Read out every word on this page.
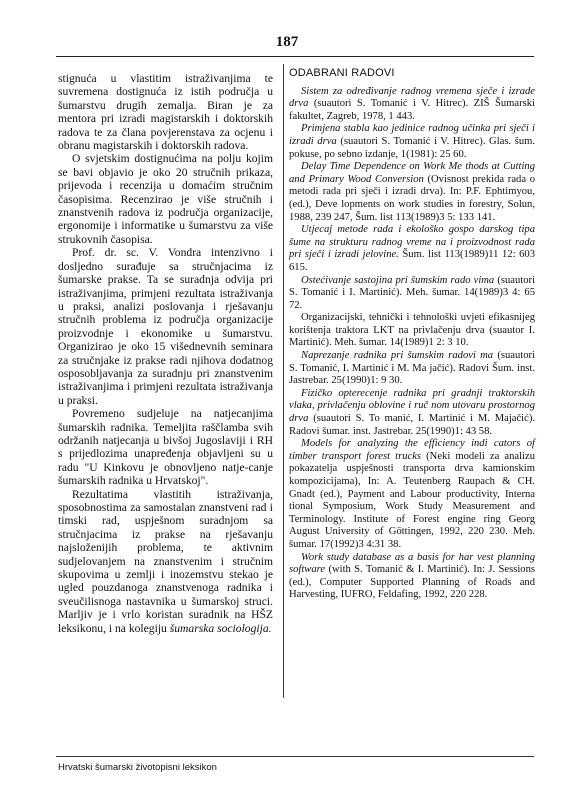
187

stignuća u vlastitim istraživanjima te suvremena dostignuća iz istih područja u šumarstvu drugih zemalja. Biran je za mentora pri izradi magistarskih i doktorskih radova te za člana povjerenstava za ocjenu i obranu magistarskih i doktorskih radova.

O svjetskim dostignućima na polju kojim se bavi objavio je oko 20 stručnih prikaza, prijevoda i recenzija u domaćim stručnim časopisima. Recenzirao je više stručnih i znanstvenih radova iz područja organizacije, ergonomije i informatike u šumarstvu za više strukovnih časopisa.

Prof. dr. sc. V. Vondra intenzivno i dosljedno surađuje sa stručnjacima iz šumarske prakse. Ta se suradnja odvija pri istraživanjima, primjeni rezultata istraživanja u praksi, analizi poslovanja i rješavanju stručnih problema iz područja organizacije proizvodnje i ekonomike u šumarstvu. Organizirao je oko 15 višednevnih seminara za stručnjake iz prakse radi njihova dodatnog osposobljavanja za suradnju pri znanstvenim istraživanjima i primjeni rezultata istraživanja u praksi.

Povremeno sudjeluje na natjecanjima šumarskih radnika. Temeljita raščlamba svih održanih natjecanja u bivšoj Jugoslaviji i RH s prijedlozima unapređenja objavljeni su u radu "U Kinkovu je obnovljeno natje-canje šumarskih radnika u Hrvatskoj".

Rezultatima vlastitih istraživanja, sposobnostima za samostalan znanstveni rad i timski rad, uspješnom suradnjom sa stručnjacima iz prakse na rješavanju najsloženijih problema, te aktivnim sudjelovanjem na znanstvenim i stručnim skupovima u zemlji i inozemstvu stekao je ugled pouzdanoga znanstvenoga radnika i sveučilisnoga nastavnika u šumarskoj struci. Marljiv je i vrlo koristan suradnik na HŠZ leksikonu, i na kolegiju šumarska sociologija.

ODABRANI RADOVI

Sistem za određivanje radnog vremena sječe i izrade drva (suautori S. Tomanić i V. Hitrec). ZIŠ Šumarski fakultet, Zagreb, 1978, 1 443.

Primjena stabla kao jedinice radnog učinka pri sječi i izradi drva (suautori S. Tomanić i V. Hitrec). Glas. šum. pokuse, po sebno izdanje, 1(1981): 25 60.

Delay Time Dependence on Work Me thods at Cutting and Primary Wood Conversion (Ovisnost prekida rada o metodi rada pri sječi i izradi drva). In: P.F. Ephtimyou, (ed.), Deve lopments on work studies in forestry, Solun, 1988, 239 247, Šum. list 113(1989)3 5: 133 141.

Utjecaj metode rada i ekološko gospo darskog tipa šume na strukturu radnog vreme na i proizvodnost rada pri sječi i izradi jelovine. Šum. list 113(1989)11 12: 603 615.

Ostećivanje sastojina pri šumskim rado vima (suautori S. Tomanić i I. Martinić). Meh. šumar. 14(1989)3 4: 65 72.

Organizacijski, tehnički i tehnološki uvjeti efikasnijeg korištenja traktora LKT na privlačenju drva (suautor I. Martinić). Meh. šumar. 14(1989)1 2: 3 10.

Naprezanje radnika pri šumskim radovi ma (suautori S. Tomanić, I. Martinić i M. Ma jačić). Radovi Šum. inst. Jastrebar. 25(1990)1: 9 30.

Fizičko opterecenje radnika pri gradnji traktorskih vlaka, privlačenju oblovine i ruč nom utovaru prostornog drva (suautori S. To manić, I. Martinić i M. Majačić). Radovi šumar. inst. Jastrebar. 25(1990)1: 43 58.

Models for analyzing the efficiency indi cators of timber transport forest trucks (Neki modeli za analizu pokazatelja uspješnosti transporta drva kamionskim kompozicijama), In: A. Teutenberg Raupach & CH. Gnadt (ed.), Payment and Labour productivity, Interna tional Symposium, Work Study Measurement and Terminology. Institute of Forest engine ring Georg August University of Göttingen, 1992, 220 230. Meh. šumar. 17(1992)3 4:31 38.

Work study database as a basis for har vest planning software (with S. Tomanić & I. Martinić). In: J. Sessions (ed.), Computer Supported Planning of Roads and Harvesting, IUFRO, Feldafing, 1992, 220 228.

Hrvatski šumarski životopisni leksikon
